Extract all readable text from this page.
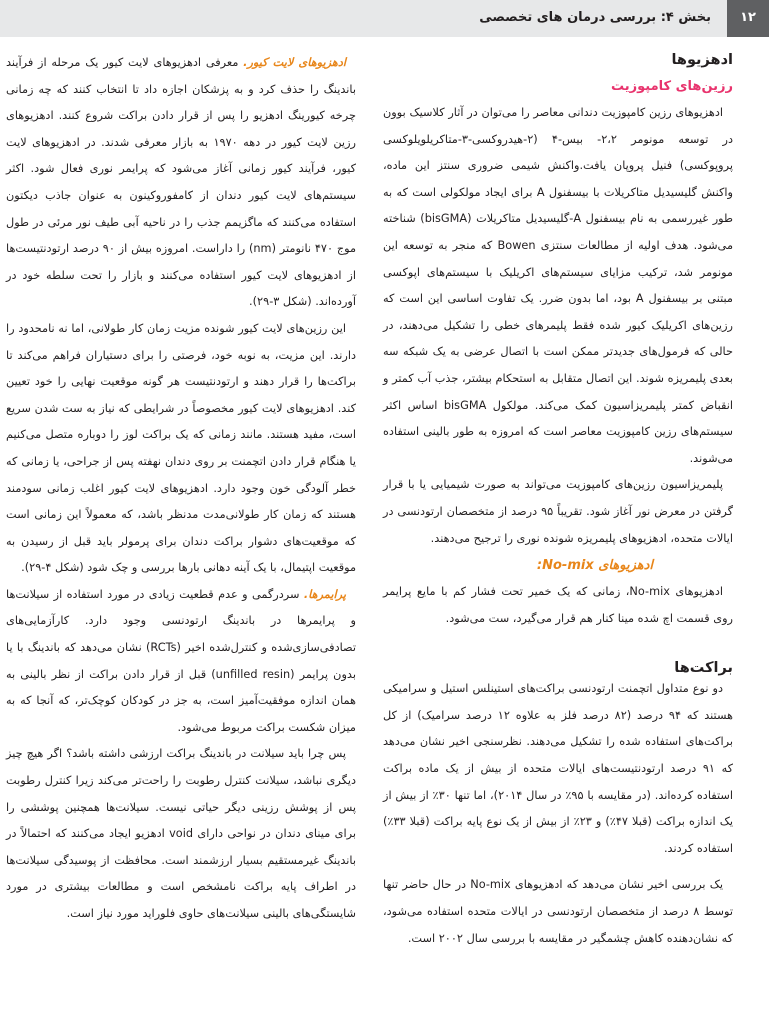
۱۲
بخش ۴: بررسی درمان های تخصصی
ادهزیوها
رزین‌های کامپوزیت

ادهزیوهای رزین کامپوزیت دندانی معاصر را می‌توان در آثار کلاسیک بوون در توسعه مونومر ۲،۲- بیس-۴ (۲-هیدروکسی-۳-متاکریلویلوکسی پروپوکسی) فنیل پروپان یافت.واکنش شیمی ضروری سنتز این ماده، واکنش گلیسیدیل متاکریلات با بیسفنول A برای ایجاد مولکولی است که به طور غیررسمی به نام بیسفنول A-گلیسیدیل متاکریلات (bisGMA) شناخته می‌شود. هدف اولیه از مطالعات سنتزی Bowen که منجر به توسعه این مونومر شد، ترکیب مزایای سیستم‌های اکریلیک با سیستم‌های اپوکسی مبتنی بر بیسفنول A بود، اما بدون ضرر. یک تفاوت اساسی این است که رزین‌های اکریلیک کیور شده فقط پلیمرهای خطی را تشکیل می‌دهند، در حالی که فرمول‌های جدیدتر ممکن است با اتصال عرضی به یک شبکه سه بعدی پلیمریزه شوند. این اتصال متقابل به استحکام بیشتر، جذب آب کمتر و انقباض کمتر پلیمریزاسیون کمک می‌کند. مولکول bisGMA اساس اکثر سیستم‌های رزین کامپوزیت معاصر است که امروزه به طور بالینی استفاده می‌شوند.

پلیمریزاسیون رزین‌های کامپوزیت می‌تواند به صورت شیمیایی یا با قرار گرفتن در معرض نور آغاز شود. تقریباً ۹۵ درصد از متخصصان ارتودنسی در ایالات متحده، ادهزیوهای پلیمریزه شونده نوری را ترجیح می‌دهند.

ادهزیوهای No-mix:

ادهزیوهای No-mix، زمانی که یک خمیر تحت فشار کم با مایع پرایمر روی قسمت اچ شده مینا کنار هم قرار می‌گیرد، ست می‌شود.

براکت‌ها

دو نوع متداول اتچمنت ارتودنسی براکت‌های استینلس استیل و سرامیکی هستند که ۹۴ درصد (۸۲ درصد فلز به علاوه ۱۲ درصد سرامیک) از کل براکت‌های استفاده شده را تشکیل می‌دهند. نظرسنجی اخیر نشان می‌دهد که ۹۱ درصد ارتودنتیست‌های ایالات متحده از بیش از یک ماده براکت استفاده کرده‌اند. (در مقایسه با ۹۵٪ در سال ۲۰۱۴)، اما تنها ۳۰٪ از بیش از یک اندازه براکت (قبلا ۴۷٪) و ۲۳٪ از بیش از یک نوع پایه براکت (قبلا ۳۳٪) استفاده کردند.

یک بررسی اخیر نشان می‌دهد که ادهزیوهای No-mix در حال حاضر تنها توسط ۸ درصد از متخصصان ارتودنسی در ایالات متحده استفاده می‌شود، که نشان‌دهنده کاهش چشمگیر در مقایسه با بررسی سال ۲۰۰۲ است.

ادهزیوهای لایت کیور. معرفی ادهزیوهای لایت کیور یک مرحله از فرآیند باندینگ را حذف کرد و به پزشکان اجازه داد تا انتخاب کنند که چه زمانی چرخه کیورینگ ادهزیو را پس از قرار دادن براکت شروع کنند. ادهزیوهای رزین لایت کیور در دهه ۱۹۷۰ به بازار معرفی شدند. در ادهزیوهای لایت کیور، فرآیند کیور زمانی آغاز می‌شود که پرایمر نوری فعال شود. اکثر سیستم‌های لایت کیور دندان از کامفوروکینون به عنوان جاذب دیکتون استفاده می‌کنند که ماگزیمم جذب را در ناحیه آبی طیف نور مرئی در طول موج ۴۷۰ نانومتر (nm) را داراست. امروزه بیش از ۹۰ درصد ارتودنتیست‌ها از ادهزیوهای لایت کیور استفاده می‌کنند و بازار را تحت سلطه خود در آورده‌اند. (شکل ۳-۲۹).

این رزین‌های لایت کیور شونده مزیت زمان کار طولانی، اما نه نامحدود را دارند. این مزیت، به نوبه خود، فرصتی را برای دستیاران فراهم می‌کند تا براکت‌ها را قرار دهند و ارتودنتیست هر گونه موقعیت نهایی را خود تعیین کند. ادهزیوهای لایت کیور مخصوصاً در شرایطی که نیاز به ست شدن سریع است، مفید هستند. مانند زمانی که یک براکت لوز را دوباره متصل می‌کنیم یا هنگام قرار دادن اتچمنت بر روی دندان نهفته پس از جراحی، یا زمانی که خطر آلودگی خون وجود دارد. ادهزیوهای لایت کیور اغلب زمانی سودمند هستند که زمان کار طولانی‌مدت مدنظر باشد، که معمولاً این زمانی است که موقعیت‌های دشوار براکت دندان برای پرمولر باید قبل از رسیدن به موقعیت اپتیمال، با یک آینه دهانی بارها بررسی و چک شود (شکل ۴-۲۹).

پرایمرها. سردرگمی و عدم قطعیت زیادی در مورد استفاده از سیلانت‌ها و پرایمرها در باندینگ ارتودنسی وجود دارد. کارآزمایی‌های تصادفی‌سازی‌شده و کنترل‌شده اخیر (RCTs) نشان می‌دهد که باندینگ با یا بدون پرایمر (unfilled resin) قبل از قرار دادن براکت از نظر بالینی به همان اندازه موفقیت‌آمیز است، به جز در کودکان کوچک‌تر، که آنجا که به میزان شکست براکت مربوط می‌شود.

پس چرا باید سیلانت در باندینگ براکت ارزشی داشته باشد؟ اگر هیچ چیز دیگری نباشد، سیلانت کنترل رطوبت را راحت‌تر می‌کند زیرا کنترل رطوبت پس از پوشش رزینی دیگر حیاتی نیست. سیلانت‌ها همچنین پوششی را برای مینای دندان در نواحی دارای void ادهزیو ایجاد می‌کنند که احتمالاً در باندینگ غیرمستقیم بسیار ارزشمند است. محافظت از پوسیدگی سیلانت‌ها در اطراف پایه براکت نامشخص است و مطالعات بیشتری در مورد شایستگی‌های بالینی سیلانت‌های حاوی فلوراید مورد نیاز است.
